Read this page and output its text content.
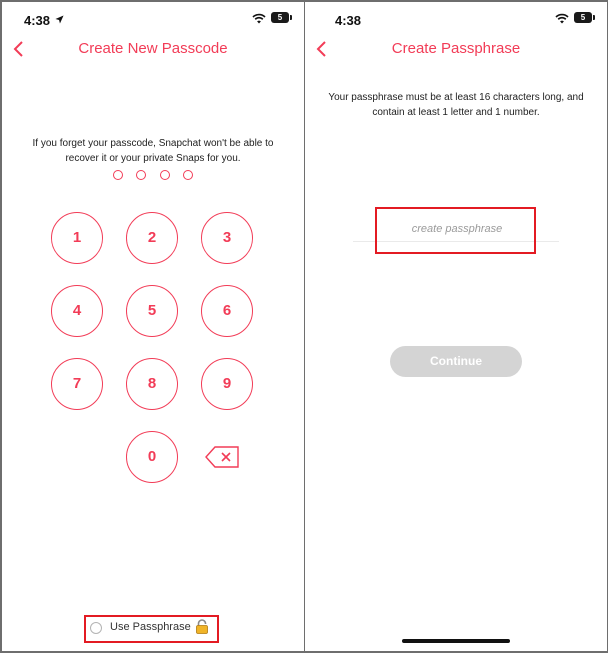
4:38	5
Create New Passcode
If you forget your passcode, Snapchat won't be able to recover it or your private Snaps for you.
1	2	3
4	5	6
7	8	9
0
Use Passphrase
4:38	5
Create Passphrase
Your passphrase must be at least 16 characters long, and contain at least 1 letter and 1 number.
create passphrase
Continue
